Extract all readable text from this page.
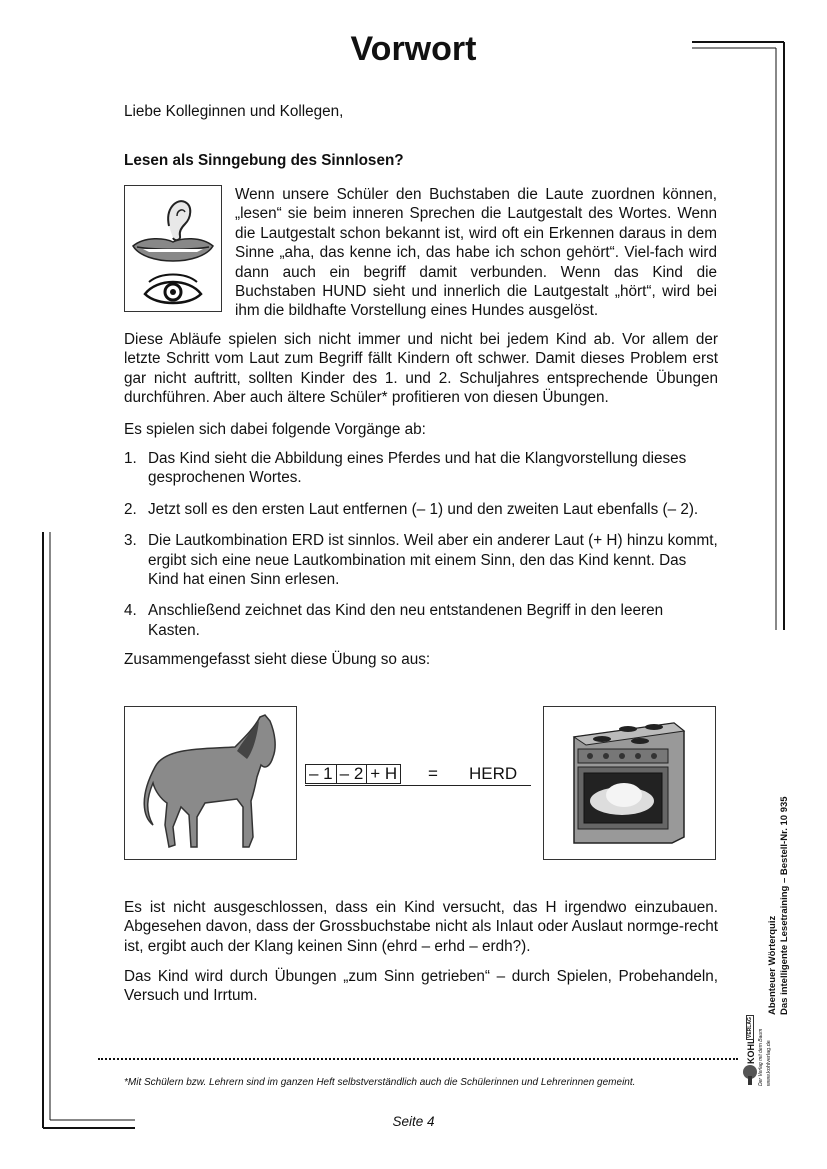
Vorwort
Liebe Kolleginnen und Kollegen,
Lesen als Sinngebung des Sinnlosen?
Wenn unsere Schüler den Buchstaben die Laute zuordnen können, „lesen“ sie beim inneren Sprechen die Lautgestalt des Wortes. Wenn die Lautgestalt schon bekannt ist, wird oft ein Erkennen daraus in dem Sinne „aha, das kenne ich, das habe ich schon gehört“. Viel-fach wird dann auch ein begriff damit verbunden. Wenn das Kind die Buchstaben HUND sieht und innerlich die Lautgestalt „hört“, wird bei ihm die bildhafte Vorstellung eines Hundes ausgelöst.
Diese Abläufe spielen sich nicht immer und nicht bei jedem Kind ab. Vor allem der letzte Schritt vom Laut zum Begriff fällt Kindern oft schwer. Damit dieses Problem erst gar nicht auftritt, sollten Kinder des 1. und 2. Schuljahres entsprechende Übungen durchführen. Aber auch ältere Schüler* profitieren von diesen Übungen.
Es spielen sich dabei folgende Vorgänge ab:
1. Das Kind sieht die Abbildung eines Pferdes und hat die Klangvorstellung dieses gesprochenen Wortes.
2. Jetzt soll es den ersten Laut entfernen (– 1) und den zweiten Laut ebenfalls (– 2).
3. Die Lautkombination ERD ist sinnlos. Weil aber ein anderer Laut (+ H) hinzu kommt, ergibt sich eine neue Lautkombination mit einem Sinn, den das Kind kennt. Das Kind hat einen Sinn erlesen.
4. Anschließend zeichnet das Kind den neu entstandenen Begriff in den leeren Kasten.
Zusammengefasst sieht diese Übung so aus:
– 1 – 2 + H = HERD
Es ist nicht ausgeschlossen, dass ein Kind versucht, das H irgendwo einzubauen. Abgesehen davon, dass der Grossbuchstabe nicht als Inlaut oder Auslaut normge-recht ist, ergibt auch der Klang keinen Sinn (ehrd – erhd – erdh?).
Das Kind wird durch Übungen „zum Sinn getrieben“ – durch Spielen, Probehandeln, Versuch und Irrtum.
*Mit Schülern bzw. Lehrern sind im ganzen Heft selbstverständlich auch die Schülerinnen und Lehrerinnen gemeint.
Seite 4
Abenteuer Wörterquiz Das intelligente Lesetraining – Bestell-Nr. 10 935
KOHL
VERLAG
Der Verlag mit dem Baum www.kohlverlag.de
